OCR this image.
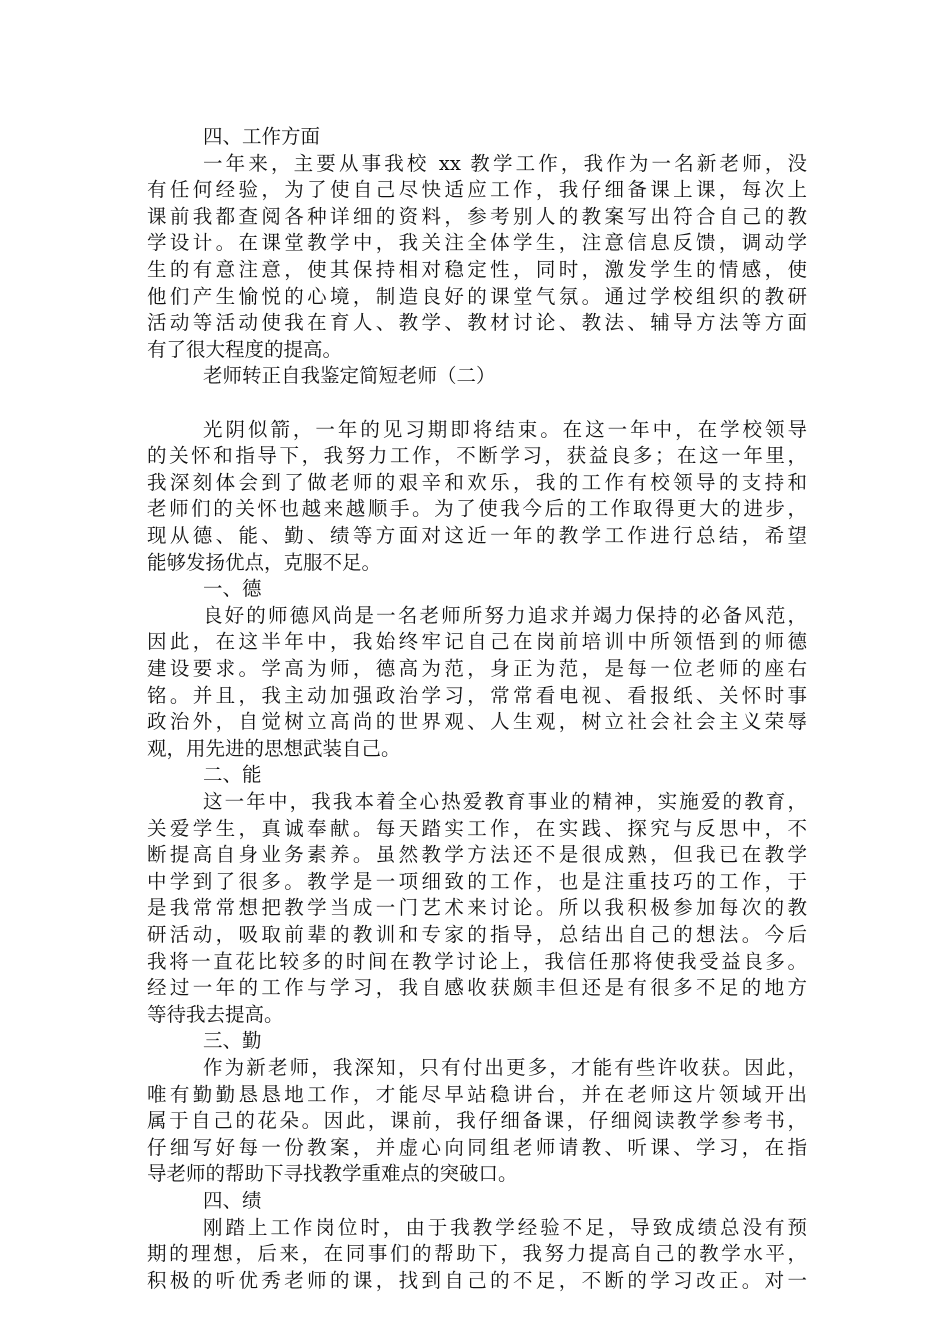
四、工作方面
一年来，主要从事我校 xx 教学工作，我作为一名新老师，没
有任何经验，为了使自己尽快适应工作，我仔细备课上课，每次上
课前我都查阅各种详细的资料，参考别人的教案写出符合自己的教
学设计。在课堂教学中，我关注全体学生，注意信息反馈，调动学
生的有意注意，使其保持相对稳定性，同时，激发学生的情感，使
他们产生愉悦的心境，制造良好的课堂气氛。通过学校组织的教研
活动等活动使我在育人、教学、教材讨论、教法、辅导方法等方面
有了很大程度的提高。
老师转正自我鉴定简短老师（二）
光阴似箭，一年的见习期即将结束。在这一年中，在学校领导
的关怀和指导下，我努力工作，不断学习，获益良多；在这一年里，
我深刻体会到了做老师的艰辛和欢乐，我的工作有校领导的支持和
老师们的关怀也越来越顺手。为了使我今后的工作取得更大的进步，
现从德、能、勤、绩等方面对这近一年的教学工作进行总结，希望
能够发扬优点，克服不足。
一、德
良好的师德风尚是一名老师所努力追求并竭力保持的必备风范，
因此，在这半年中，我始终牢记自己在岗前培训中所领悟到的师德
建设要求。学高为师，德高为范，身正为范，是每一位老师的座右
铭。并且，我主动加强政治学习，常常看电视、看报纸、关怀时事
政治外，自觉树立高尚的世界观、人生观，树立社会社会主义荣辱
观，用先进的思想武装自己。
二、能
这一年中，我我本着全心热爱教育事业的精神，实施爱的教育，
关爱学生，真诚奉献。每天踏实工作，在实践、探究与反思中，不
断提高自身业务素养。虽然教学方法还不是很成熟，但我已在教学
中学到了很多。教学是一项细致的工作，也是注重技巧的工作，于
是我常常想把教学当成一门艺术来讨论。所以我积极参加每次的教
研活动，吸取前辈的教训和专家的指导，总结出自己的想法。今后
我将一直花比较多的时间在教学讨论上，我信任那将使我受益良多。
经过一年的工作与学习，我自感收获颇丰但还是有很多不足的地方
等待我去提高。
三、勤
作为新老师，我深知，只有付出更多，才能有些许收获。因此，
唯有勤勤恳恳地工作，才能尽早站稳讲台，并在老师这片领域开出
属于自己的花朵。因此，课前，我仔细备课，仔细阅读教学参考书，
仔细写好每一份教案，并虚心向同组老师请教、听课、学习，在指
导老师的帮助下寻找教学重难点的突破口。
四、绩
刚踏上工作岗位时，由于我教学经验不足，导致成绩总没有预
期的理想，后来，在同事们的帮助下，我努力提高自己的教学水平，
积极的听优秀老师的课，找到自己的不足，不断的学习改正。对一
